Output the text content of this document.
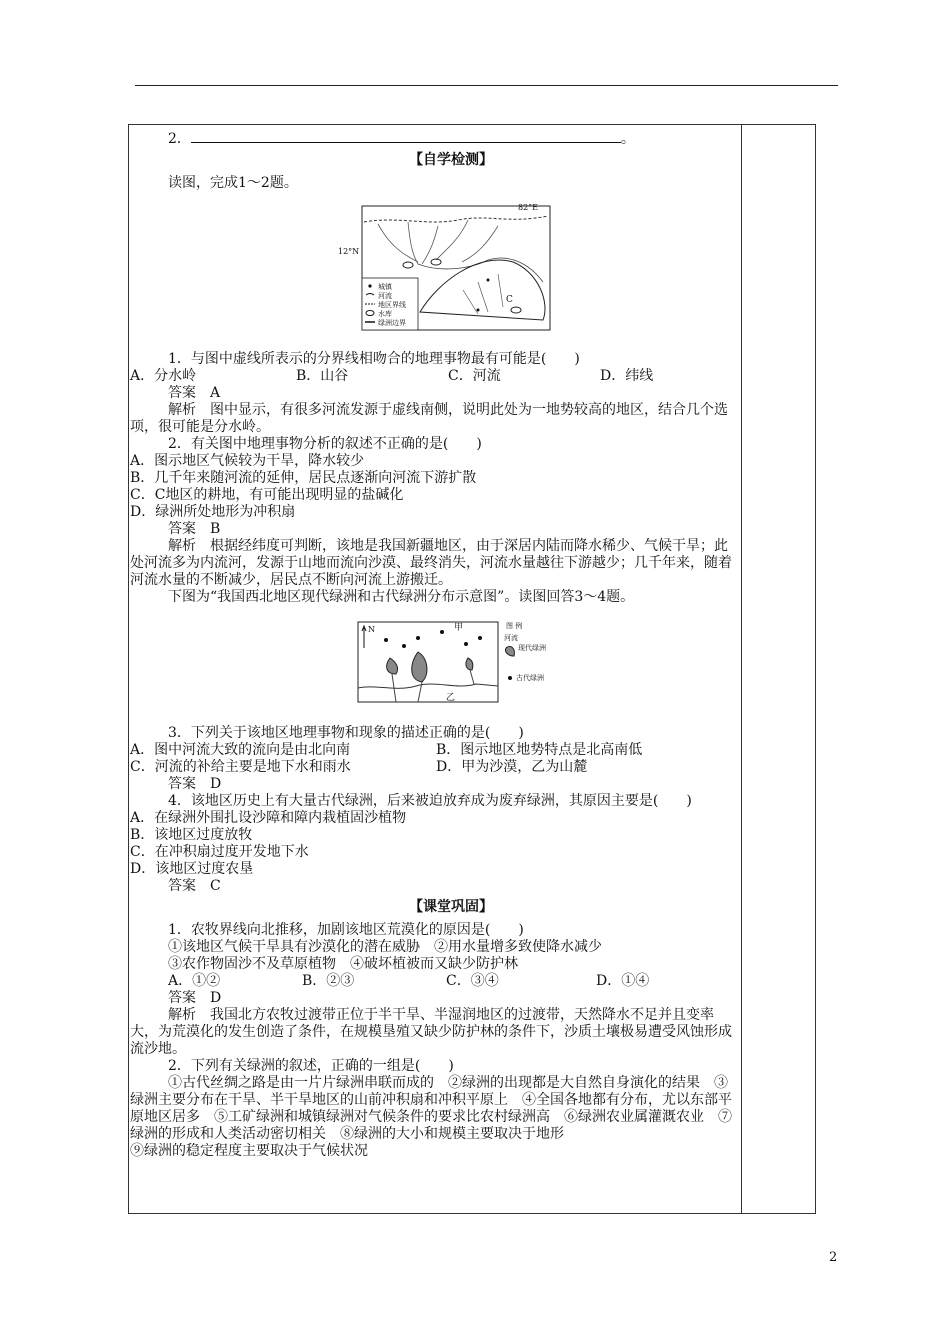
2．	。

【自学检测】

读图，完成1～2题。

82°E
12°N
C
城镇
河流
地区界线
水库
绿洲边界

1．与图中虚线所表示的分界线相吻合的地理事物最有可能是(　　)

A．分水岭	B．山谷	C．河流	D．纬线

答案　A

解析　图中显示，有很多河流发源于虚线南侧，说明此处为一地势较高的地区，结合几个选项，很可能是分水岭。

2．有关图中地理事物分析的叙述不正确的是(　　)

A．图示地区气候较为干旱，降水较少

B．几千年来随河流的延伸，居民点逐渐向河流下游扩散

C．C地区的耕地，有可能出现明显的盐碱化

D．绿洲所处地形为冲积扇

答案　B

解析　根据经纬度可判断，该地是我国新疆地区，由于深居内陆而降水稀少、气候干旱；此处河流多为内流河，发源于山地而流向沙漠、最终消失，河流水量越往下游越少；几千年来，随着河流水量的不断减少，居民点不断向河流上游搬迁。

下图为“我国西北地区现代绿洲和古代绿洲分布示意图”。读图回答3～4题。

N	甲
乙
图 例
河流
现代绿洲
古代绿洲

3．下列关于该地区地理事物和现象的描述正确的是(　　)

A．图中河流大致的流向是由北向南	B．图示地区地势特点是北高南低

C．河流的补给主要是地下水和雨水	D．甲为沙漠，乙为山麓

答案　D

4．该地区历史上有大量古代绿洲，后来被迫放弃成为废弃绿洲，其原因主要是(　　)

A．在绿洲外围扎设沙障和障内栽植固沙植物

B．该地区过度放牧

C．在冲积扇过度开发地下水

D．该地区过度农垦

答案　C

【课堂巩固】

1．农牧界线向北推移，加剧该地区荒漠化的原因是(　　)

①该地区气候干旱具有沙漠化的潜在威胁　②用水量增多致使降水减少

③农作物固沙不及草原植物　④破坏植被而又缺少防护林

A．①②	B．②③	C．③④	D．①④

答案　D

解析　我国北方农牧过渡带正位于半干旱、半湿润地区的过渡带，天然降水不足并且变率大，为荒漠化的发生创造了条件，在规模垦殖又缺少防护林的条件下，沙质土壤极易遭受风蚀形成流沙地。

2．下列有关绿洲的叙述，正确的一组是(　　)

①古代丝绸之路是由一片片绿洲串联而成的　②绿洲的出现都是大自然自身演化的结果　③绿洲主要分布在干旱、半干旱地区的山前冲积扇和冲积平原上　④全国各地都有分布，尤以东部平原地区居多　⑤工矿绿洲和城镇绿洲对气候条件的要求比农村绿洲高　⑥绿洲农业属灌溉农业　⑦绿洲的形成和人类活动密切相关　⑧绿洲的大小和规模主要取决于地形

⑨绿洲的稳定程度主要取决于气候状况

2
